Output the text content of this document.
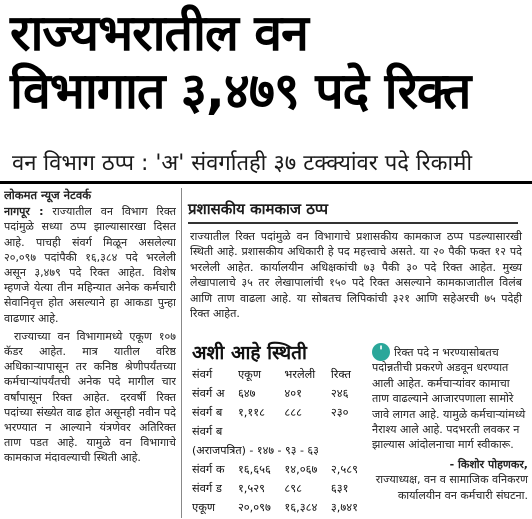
राज्यभरातील वन
विभागात ३,४७९ पदे रिक्त
वन विभाग ठप्प : 'अ' संवर्गातही ३७ टक्क्यांवर पदे रिकामी
लोकमत न्यूज नेटवर्क

नागपूर : राज्यातील वन विभाग रिक्त पदांमुळे सध्या ठप्प झाल्यासारखा दिसत आहे. पाचही संवर्ग मिळून असलेल्या २०,०९७ पदांपैकी १६,३८४ पदे भरलेली असून ३,४७९ पदे रिक्त आहेत. विशेष म्हणजे येत्या तीन महिन्यात अनेक कर्मचारी सेवानिवृत्त होत असल्याने हा आकडा पुन्हा वाढणार आहे.

राज्याच्या वन विभागामध्ये एकूण १०७ कॅडर आहेत. मात्र यातील वरिष्ठ अधिकाऱ्यापासून तर कनिष्ठ श्रेणीपर्यंतच्या कर्मचाऱ्यांपर्यंतची अनेक पदे मागील चार वर्षांपासून रिक्त आहेत. दरवर्षी रिक्त पदांच्या संख्येत वाढ होत असूनही नवीन पदे भरण्यात न आल्याने यंत्रणेवर अतिरिक्त ताण पडत आहे. यामुळे वन विभागाचे कामकाज मंदावल्याची स्थिती आहे.

प्रशासकीय कामकाज ठप्प
राज्यातील रिक्त पदांमुळे वन विभागाचे प्रशासकीय कामकाज ठप्प पडल्यासारखी स्थिती आहे. प्रशासकीय अधिकारी हे पद महत्त्वाचे असते. या २० पैकी फक्त १२ पदे भरलेली आहेत. कार्यालयीन अधिक्षकांची ७३ पैकी ३० पदे रिक्त आहेत. मुख्य लेखापालाचे ३५ तर लेखापालांची १५० पदे रिक्त असल्याने कामकाजातील विलंब आणि ताण वाढला आहे. या सोबतच लिपिकांची ३२१ आणि सहेअरची ७५ पदेही रिक्त आहेत.
अशी आहे स्थिती
संवर्ग	एकूण	भरलेली	रिक्त
संवर्ग अ	६४७	४०१	२४६
संवर्ग ब	१,११८	८८८	२३०
संवर्ग ब			
(अराजपत्रित) - १४७ - ९३ - ६३			
संवर्ग क	१६,६५६	१४,०६७	२,५८९
संवर्ग ड	१,५२९	८९८	६३१
एकूण	२०,०९७	१६,३८४	३,७४१
' रिक्त पदे न भरण्यासोबतच पदोन्नतीची प्रकरणे अडवून धरण्यात आली आहेत. कर्मचाऱ्यांवर कामाचा ताण वाढल्याने आजारपणाला सामोरे जावे लागत आहे. यामुळे कर्मचाऱ्यांमध्ये नैराश्य आले आहे. पदभरती लवकर न झाल्यास आंदोलनाचा मार्ग स्वीकारू.

- किशोर पोहणकर,
राज्याध्यक्ष, वन व सामाजिक वनिकरण कार्यालयीन वन कर्मचारी संघटना.
